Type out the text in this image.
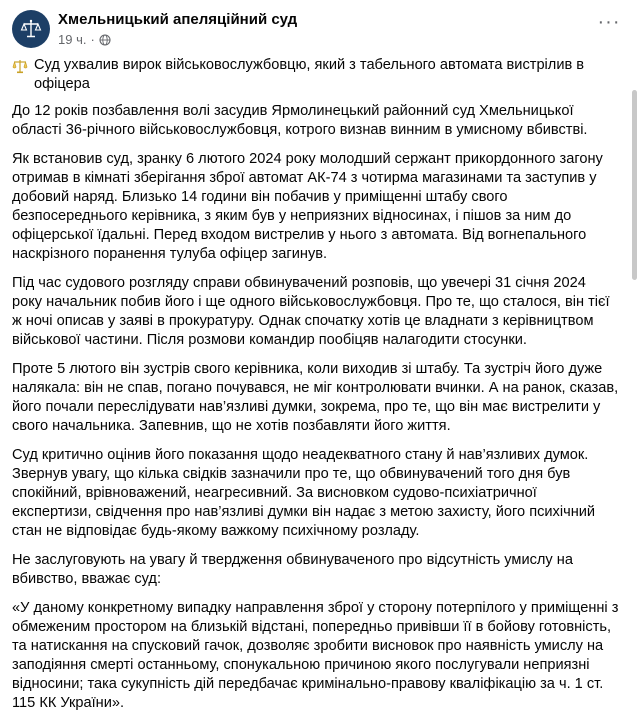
Хмельницький апеляційний суд
19 ч. ·
···

Суд ухвалив вирок військовослужбовцю, який з табельного автомата вистрілив в офіцера

До 12 років позбавлення волі засудив Ярмолинецький районний суд Хмельницької області 36-річного військовослужбовця, котрого визнав винним в умисному вбивстві.

Як встановив суд, зранку 6 лютого 2024 року молодший сержант прикордонного загону отримав в кімнаті зберігання зброї автомат АК-74 з чотирма магазинами та заступив у добовий наряд. Близько 14 години він побачив у приміщенні штабу свого безпосереднього керівника, з яким був у неприязних відносинах, і пішов за ним до офіцерської їдальні. Перед входом вистрелив у нього з автомата. Від вогнепального наскрізного поранення тулуба офіцер загинув.

Під час судового розгляду справи обвинувачений розповів, що увечері 31 січня 2024 року начальник побив його і ще одного військовослужбовця. Про те, що сталося, він тієї ж ночі описав у заяві в прокуратуру. Однак спочатку хотів це владнати з керівництвом військової частини. Після розмови командир пообіцяв налагодити стосунки.

Проте 5 лютого він зустрів свого керівника, коли виходив зі штабу. Та зустріч його дуже налякала: він не спав, погано почувався, не міг контролювати вчинки. А на ранок, сказав, його почали переслідувати нав’язливі думки, зокрема, про те, що він має вистрелити у свого начальника. Запевнив, що не хотів позбавляти його життя.

Суд критично оцінив його показання щодо неадекватного стану й нав’язливих думок. Звернув увагу, що кілька свідків зазначили про те, що обвинувачений того дня був спокійний, врівноважений, неагресивний. За висновком судово-психіатричної експертизи, свідчення про нав’язливі думки він надає з метою захисту, його психічний стан не відповідає будь-якому важкому психічному розладу.

Не заслуговують на увагу й твердження обвинуваченого про відсутність умислу на вбивство, вважає суд:

«У даному конкретному випадку направлення зброї у сторону потерпілого у приміщенні з обмеженим простором на близькій відстані, попередньо привівши її в бойову готовність, та натискання на спусковий гачок, дозволяє зробити висновок про наявність умислу на заподіяння смерті останньому, спонукальною причиною якого послугували неприязні відносини; така сукупність дій передбачає кримінально-правову кваліфікацію за ч. 1 ст. 115 КК України».
